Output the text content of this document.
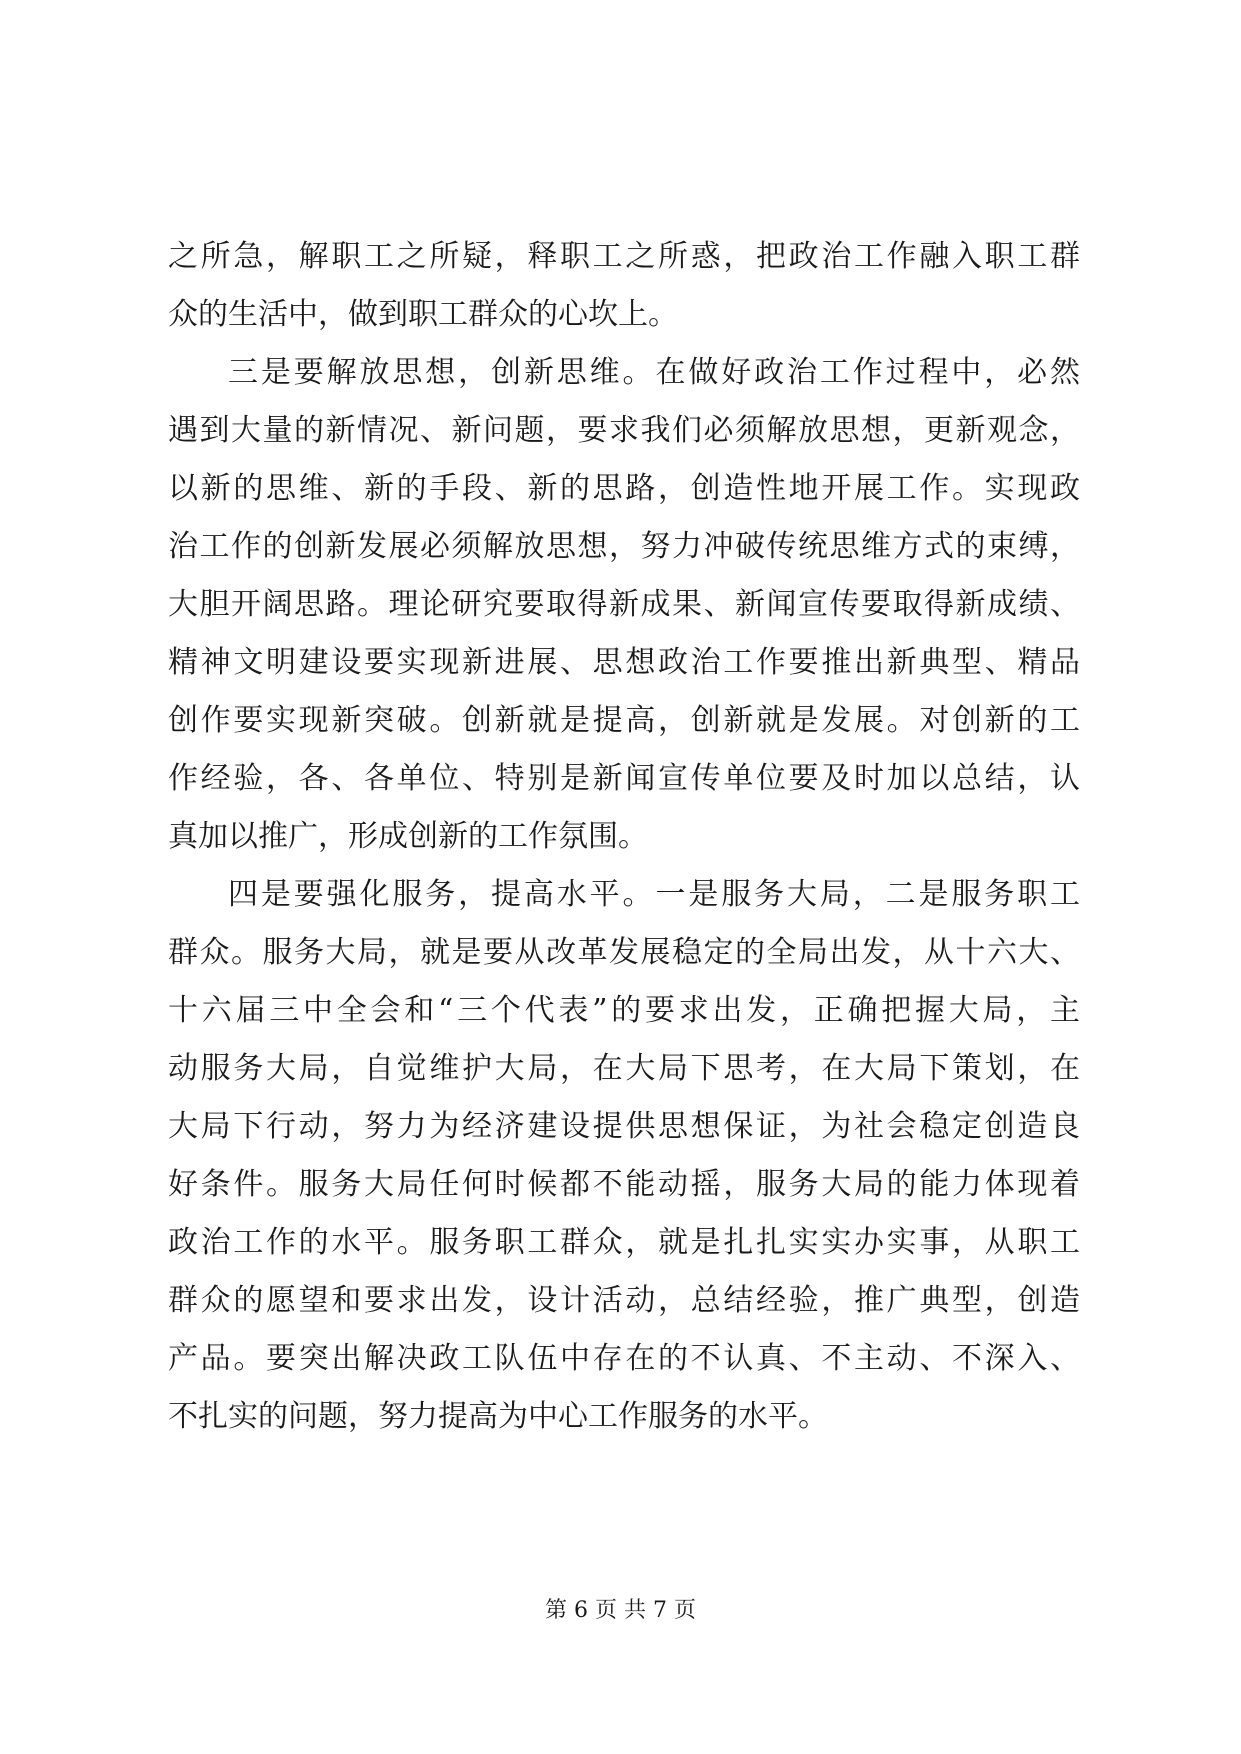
之所急，解职工之所疑，释职工之所惑，把政治工作融入职工群
众的生活中，做到职工群众的心坎上。
三是要解放思想，创新思维。在做好政治工作过程中，必然
遇到大量的新情况、新问题，要求我们必须解放思想，更新观念，
以新的思维、新的手段、新的思路，创造性地开展工作。实现政
治工作的创新发展必须解放思想，努力冲破传统思维方式的束缚，
大胆开阔思路。理论研究要取得新成果、新闻宣传要取得新成绩、
精神文明建设要实现新进展、思想政治工作要推出新典型、精品
创作要实现新突破。创新就是提高，创新就是发展。对创新的工
作经验，各、各单位、特别是新闻宣传单位要及时加以总结，认
真加以推广，形成创新的工作氛围。
四是要强化服务，提高水平。一是服务大局，二是服务职工
群众。服务大局，就是要从改革发展稳定的全局出发，从十六大、
十六届三中全会和“三个代表”的要求出发，正确把握大局，主
动服务大局，自觉维护大局，在大局下思考，在大局下策划，在
大局下行动，努力为经济建设提供思想保证，为社会稳定创造良
好条件。服务大局任何时候都不能动摇，服务大局的能力体现着
政治工作的水平。服务职工群众，就是扎扎实实办实事，从职工
群众的愿望和要求出发，设计活动，总结经验，推广典型，创造
产品。要突出解决政工队伍中存在的不认真、不主动、不深入、
不扎实的问题，努力提高为中心工作服务的水平。
第 6 页 共 7 页
